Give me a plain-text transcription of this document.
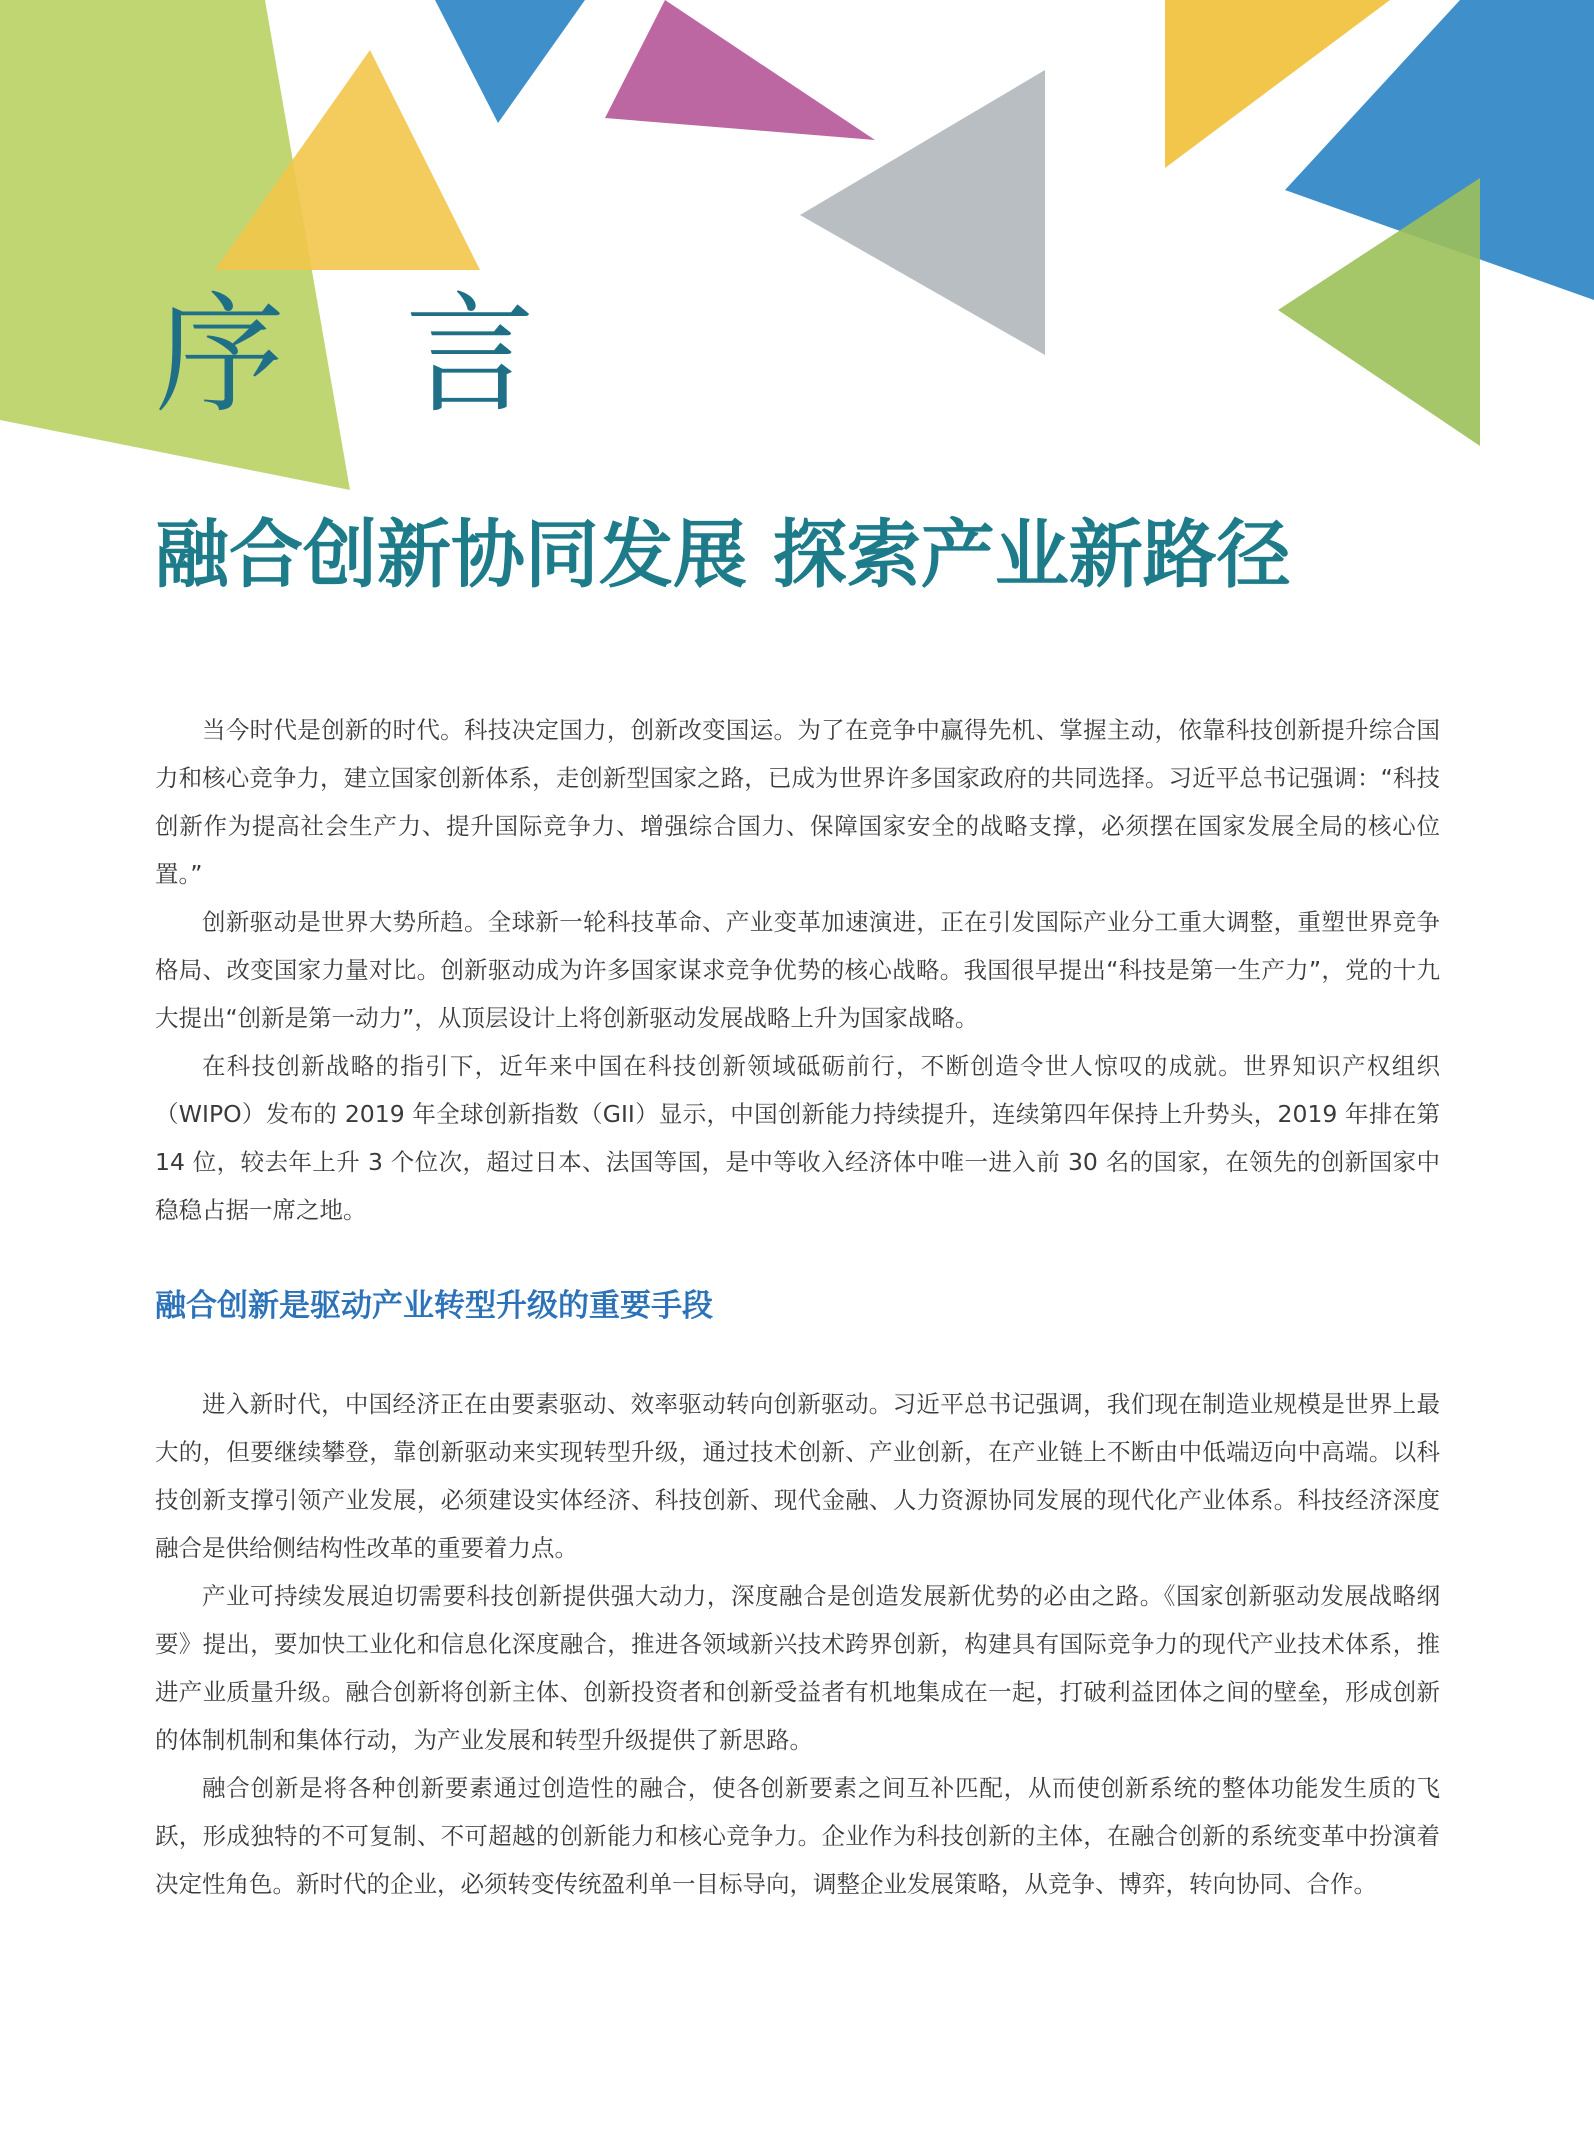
序 言
融合创新协同发展 探索产业新路径

当今时代是创新的时代。科技决定国力，创新改变国运。为了在竞争中赢得先机、掌握主动，依靠科技创新提升综合国力和核心竞争力，建立国家创新体系，走创新型国家之路，已成为世界许多国家政府的共同选择。习近平总书记强调：“科技创新作为提高社会生产力、提升国际竞争力、增强综合国力、保障国家安全的战略支撑，必须摆在国家发展全局的核心位置。”

创新驱动是世界大势所趋。全球新一轮科技革命、产业变革加速演进，正在引发国际产业分工重大调整，重塑世界竞争格局、改变国家力量对比。创新驱动成为许多国家谋求竞争优势的核心战略。我国很早提出“科技是第一生产力”，党的十九大提出“创新是第一动力”，从顶层设计上将创新驱动发展战略上升为国家战略。

在科技创新战略的指引下，近年来中国在科技创新领域砥砺前行，不断创造令世人惊叹的成就。世界知识产权组织（WIPO）发布的 2019 年全球创新指数（GII）显示，中国创新能力持续提升，连续第四年保持上升势头，2019 年排在第 14 位，较去年上升 3 个位次，超过日本、法国等国，是中等收入经济体中唯一进入前 30 名的国家，在领先的创新国家中稳稳占据一席之地。

融合创新是驱动产业转型升级的重要手段

进入新时代，中国经济正在由要素驱动、效率驱动转向创新驱动。习近平总书记强调，我们现在制造业规模是世界上最大的，但要继续攀登，靠创新驱动来实现转型升级，通过技术创新、产业创新，在产业链上不断由中低端迈向中高端。以科技创新支撑引领产业发展，必须建设实体经济、科技创新、现代金融、人力资源协同发展的现代化产业体系。科技经济深度融合是供给侧结构性改革的重要着力点。

产业可持续发展迫切需要科技创新提供强大动力，深度融合是创造发展新优势的必由之路。《国家创新驱动发展战略纲要》提出，要加快工业化和信息化深度融合，推进各领域新兴技术跨界创新，构建具有国际竞争力的现代产业技术体系，推进产业质量升级。融合创新将创新主体、创新投资者和创新受益者有机地集成在一起，打破利益团体之间的壁垒，形成创新的体制机制和集体行动，为产业发展和转型升级提供了新思路。

融合创新是将各种创新要素通过创造性的融合，使各创新要素之间互补匹配，从而使创新系统的整体功能发生质的飞跃，形成独特的不可复制、不可超越的创新能力和核心竞争力。企业作为科技创新的主体，在融合创新的系统变革中扮演着决定性角色。新时代的企业，必须转变传统盈利单一目标导向，调整企业发展策略，从竞争、博弈，转向协同、合作。
